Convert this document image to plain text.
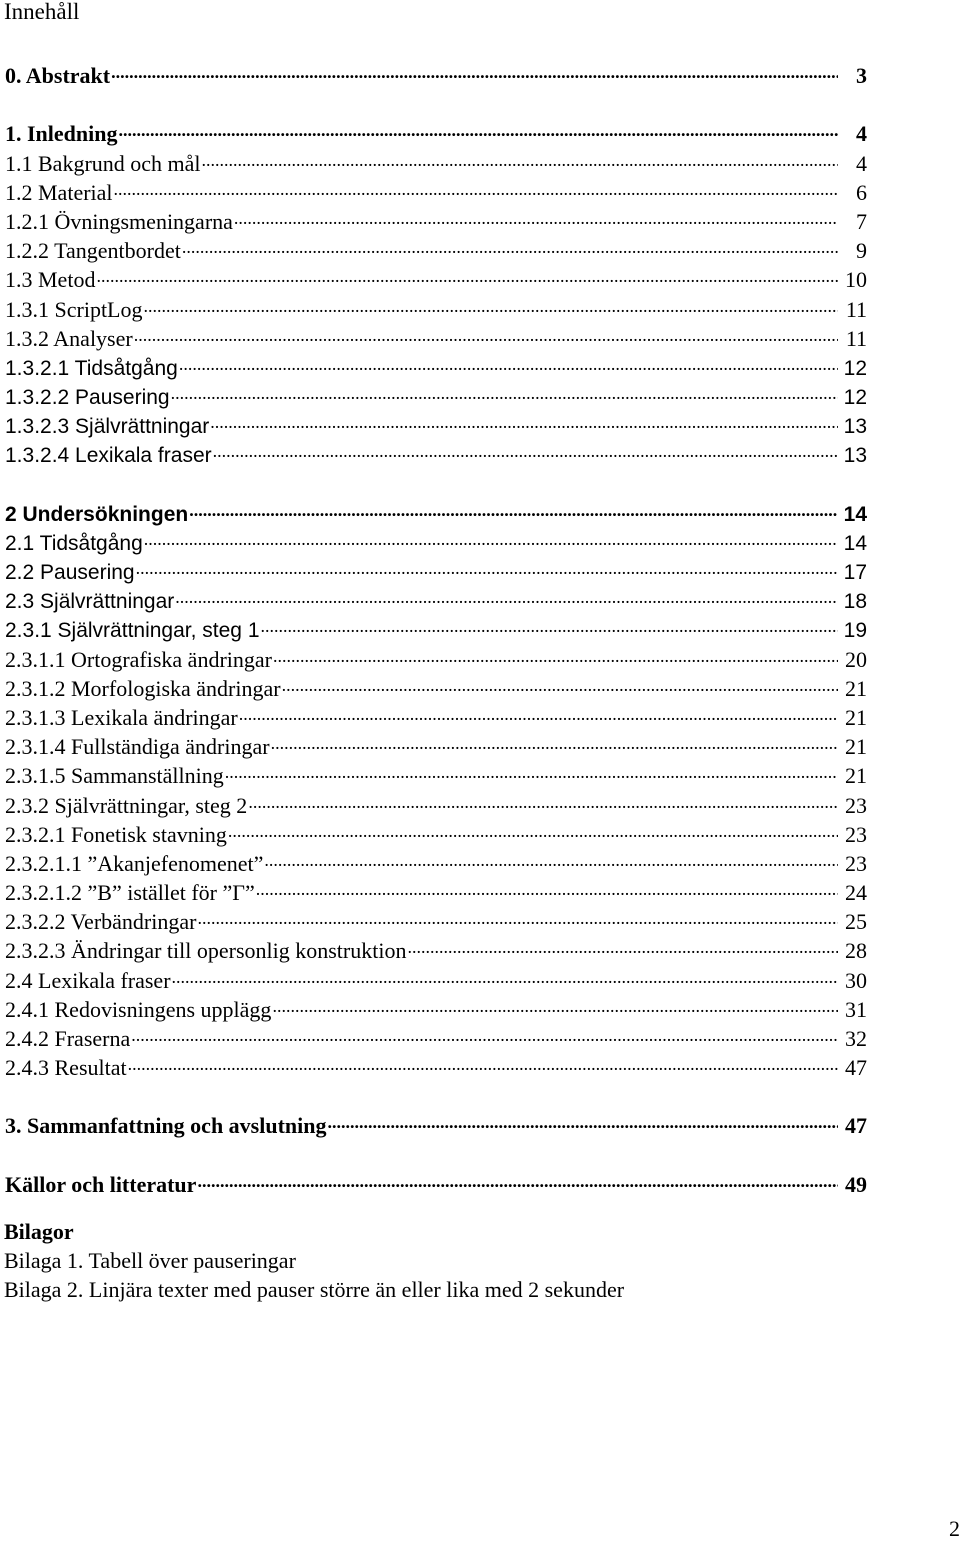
Innehåll
0. Abstrakt .....	3
1. Inledning .....	4
1.1 Bakgrund och mål .....	4
1.2 Material .....	6
1.2.1 Övningsmeningarna .....	7
1.2.2 Tangentbordet .....	9
1.3 Metod .....	10
1.3.1 ScriptLog .....	11
1.3.2 Analyser .....	11
1.3.2.1 Tidsåtgång .....	12
1.3.2.2 Pausering .....	12
1.3.2.3 Självrättningar .....	13
1.3.2.4 Lexikala fraser .....	13
2 Undersökningen .....	14
2.1 Tidsåtgång .....	14
2.2 Pausering .....	17
2.3 Självrättningar .....	18
2.3.1 Självrättningar, steg 1 .....	19
2.3.1.1 Ortografiska ändringar .....	20
2.3.1.2 Morfologiska ändringar .....	21
2.3.1.3 Lexikala ändringar .....	21
2.3.1.4 Fullständiga ändringar .....	21
2.3.1.5 Sammanställning .....	21
2.3.2 Självrättningar, steg 2 .....	23
2.3.2.1 Fonetisk stavning .....	23
2.3.2.1.1 ”Akanjefenomenet” .....	23
2.3.2.1.2 ”В” istället för ”Г” .....	24
2.3.2.2 Verbändringar .....	25
2.3.2.3 Ändringar till opersonlig konstruktion .....	28
2.4 Lexikala fraser .....	30
2.4.1 Redovisningens upplägg .....	31
2.4.2 Fraserna .....	32
2.4.3 Resultat .....	47
3. Sammanfattning och avslutning .....	47
Källor och litteratur .....	49
Bilagor
Bilaga 1. Tabell över pauseringar
Bilaga 2. Linjära texter med pauser större än eller lika med 2 sekunder
2
